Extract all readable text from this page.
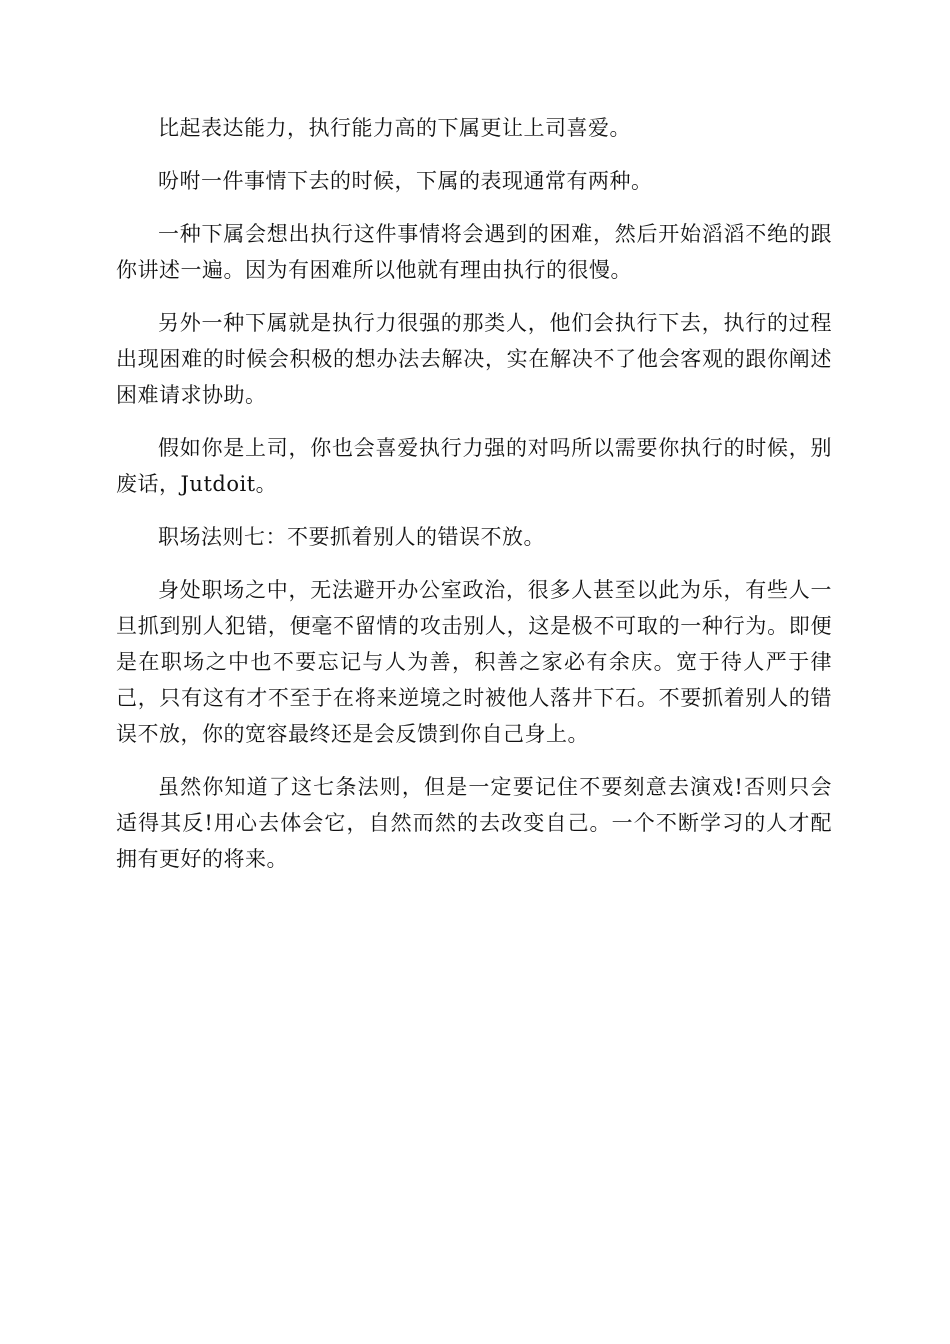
比起表达能力，执行能力高的下属更让上司喜爱。

吩咐一件事情下去的时候，下属的表现通常有两种。

一种下属会想出执行这件事情将会遇到的困难，然后开始滔滔不绝的跟你讲述一遍。因为有困难所以他就有理由执行的很慢。

另外一种下属就是执行力很强的那类人，他们会执行下去，执行的过程出现困难的时候会积极的想办法去解决，实在解决不了他会客观的跟你阐述困难请求协助。

假如你是上司，你也会喜爱执行力强的对吗所以需要你执行的时候，别废话，Jutdoit。

职场法则七：不要抓着别人的错误不放。

身处职场之中，无法避开办公室政治，很多人甚至以此为乐，有些人一旦抓到别人犯错，便毫不留情的攻击别人，这是极不可取的一种行为。即便是在职场之中也不要忘记与人为善，积善之家必有余庆。宽于待人严于律己，只有这有才不至于在将来逆境之时被他人落井下石。不要抓着别人的错误不放，你的宽容最终还是会反馈到你自己身上。

虽然你知道了这七条法则，但是一定要记住不要刻意去演戏!否则只会适得其反!用心去体会它，自然而然的去改变自己。一个不断学习的人才配拥有更好的将来。
